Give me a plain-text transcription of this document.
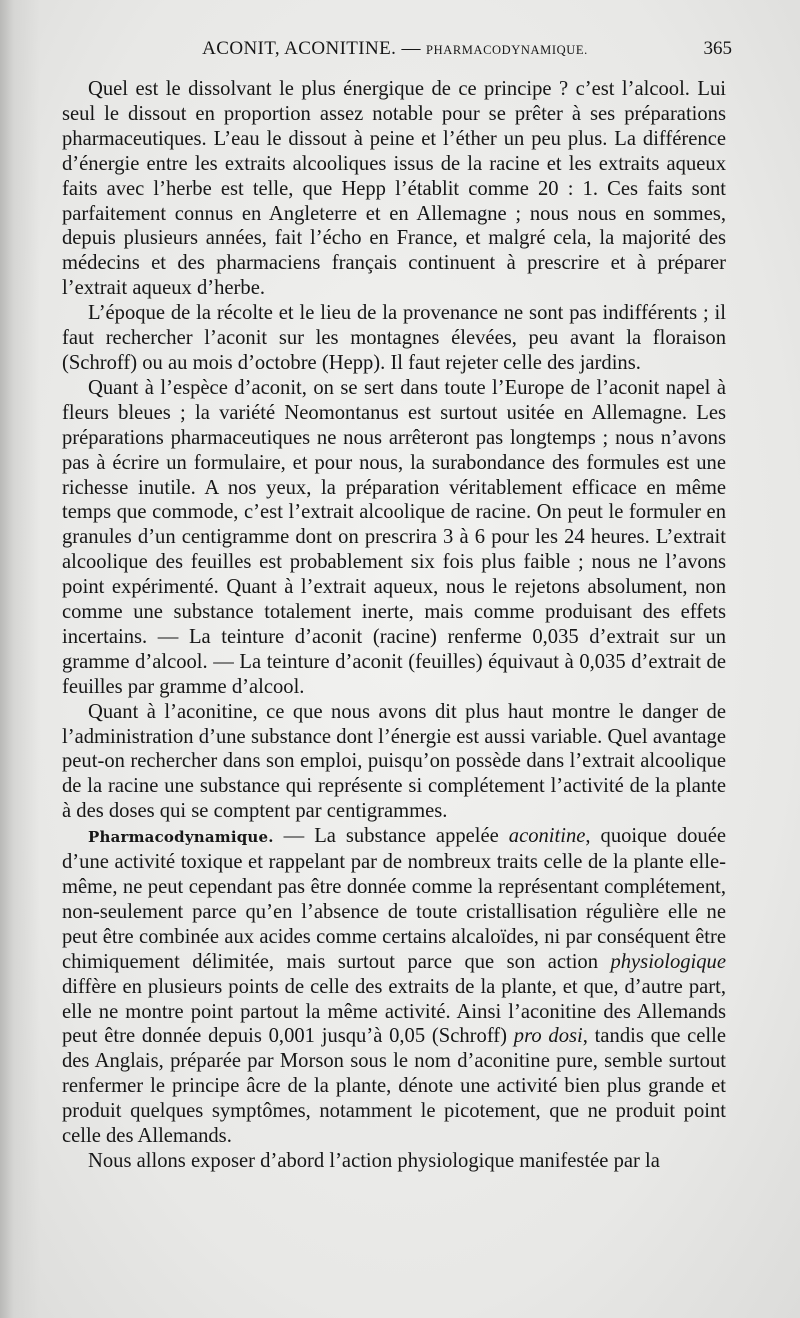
ACONIT, ACONITINE. — PHARMACODYNAMIQUE.	365

Quel est le dissolvant le plus énergique de ce principe ? c’est l’alcool. Lui seul le dissout en proportion assez notable pour se prêter à ses préparations pharmaceutiques. L’eau le dissout à peine et l’éther un peu plus. La différence d’énergie entre les extraits alcooliques issus de la racine et les extraits aqueux faits avec l’herbe est telle, que Hepp l’établit comme 20 : 1. Ces faits sont parfaitement connus en Angleterre et en Allemagne ; nous nous en sommes, depuis plusieurs années, fait l’écho en France, et malgré cela, la majorité des médecins et des pharmaciens français continuent à prescrire et à préparer l’extrait aqueux d’herbe.

L’époque de la récolte et le lieu de la provenance ne sont pas indifférents ; il faut rechercher l’aconit sur les montagnes élevées, peu avant la floraison (Schroff) ou au mois d’octobre (Hepp). Il faut rejeter celle des jardins.

Quant à l’espèce d’aconit, on se sert dans toute l’Europe de l’aconit napel à fleurs bleues ; la variété Neomontanus est surtout usitée en Allemagne. Les préparations pharmaceutiques ne nous arrêteront pas longtemps ; nous n’avons pas à écrire un formulaire, et pour nous, la surabondance des formules est une richesse inutile. A nos yeux, la préparation véritablement efficace en même temps que commode, c’est l’extrait alcoolique de racine. On peut le formuler en granules d’un centigramme dont on prescrira 3 à 6 pour les 24 heures. L’extrait alcoolique des feuilles est probablement six fois plus faible ; nous ne l’avons point expérimenté. Quant à l’extrait aqueux, nous le rejetons absolument, non comme une substance totalement inerte, mais comme produisant des effets incertains. — La teinture d’aconit (racine) renferme 0,035 d’extrait sur un gramme d’alcool. — La teinture d’aconit (feuilles) équivaut à 0,035 d’extrait de feuilles par gramme d’alcool.

Quant à l’aconitine, ce que nous avons dit plus haut montre le danger de l’administration d’une substance dont l’énergie est aussi variable. Quel avantage peut-on rechercher dans son emploi, puisqu’on possède dans l’extrait alcoolique de la racine une substance qui représente si complétement l’activité de la plante à des doses qui se comptent par centigrammes.

Pharmacodynamique. — La substance appelée aconitine, quoique douée d’une activité toxique et rappelant par de nombreux traits celle de la plante elle-même, ne peut cependant pas être donnée comme la représentant complétement, non-seulement parce qu’en l’absence de toute cristallisation régulière elle ne peut être combinée aux acides comme certains alcaloïdes, ni par conséquent être chimiquement délimitée, mais surtout parce que son action physiologique diffère en plusieurs points de celle des extraits de la plante, et que, d’autre part, elle ne montre point partout la même activité. Ainsi l’aconitine des Allemands peut être donnée depuis 0,001 jusqu’à 0,05 (Schroff) pro dosi, tandis que celle des Anglais, préparée par Morson sous le nom d’aconitine pure, semble surtout renfermer le principe âcre de la plante, dénote une activité bien plus grande et produit quelques symptômes, notamment le picotement, que ne produit point celle des Allemands.

Nous allons exposer d’abord l’action physiologique manifestée par la
